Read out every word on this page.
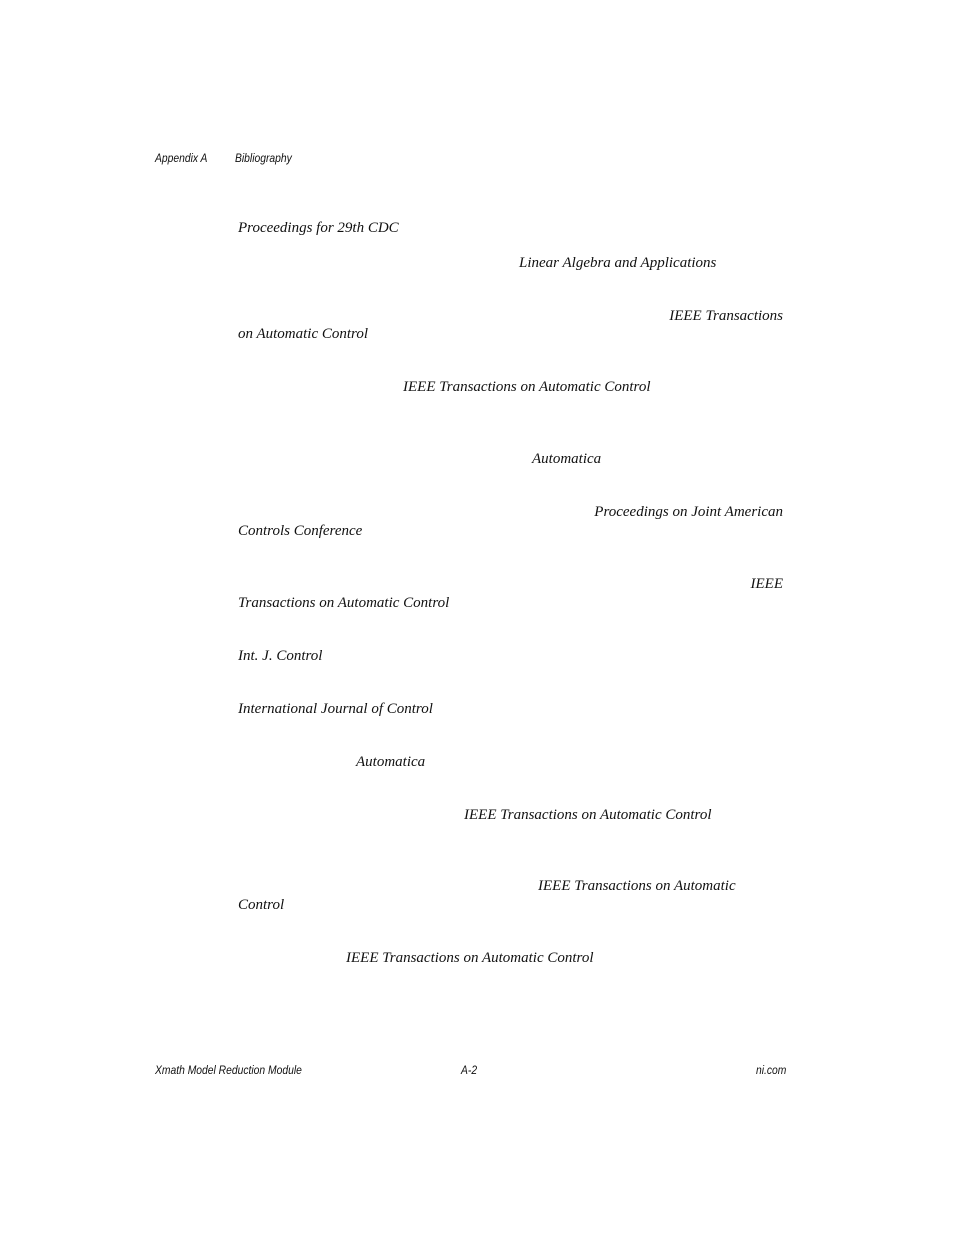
Appendix A Bibliography
Proceedings for 29th CDC
Linear Algebra and Applications
IEEE Transactions
on Automatic Control
IEEE Transactions on Automatic Control
Automatica
Proceedings on Joint American
Controls Conference
IEEE
Transactions on Automatic Control
Int. J. Control
International Journal of Control
Automatica
IEEE Transactions on Automatic Control
IEEE Transactions on Automatic
Control
IEEE Transactions on Automatic Control
Xmath Model Reduction Module	A-2	ni.com
